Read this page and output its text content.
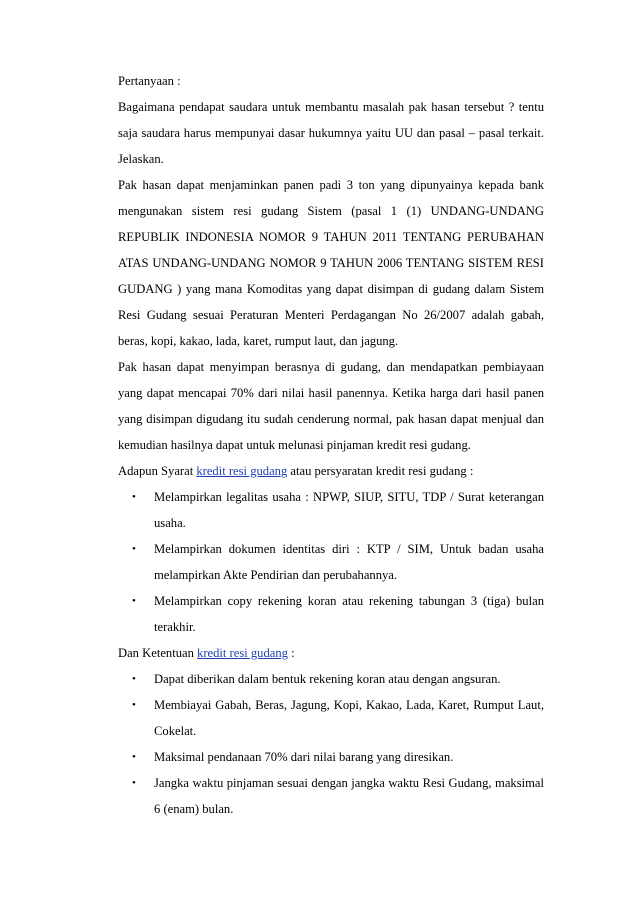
Pertanyaan :

Bagaimana pendapat saudara untuk membantu masalah pak hasan tersebut ? tentu saja saudara harus mempunyai dasar hukumnya yaitu UU dan pasal – pasal terkait. Jelaskan.

Pak hasan dapat menjaminkan panen padi 3 ton yang dipunyainya kepada bank mengunakan sistem resi gudang Sistem (pasal 1 (1) UNDANG-UNDANG REPUBLIK INDONESIA NOMOR 9 TAHUN 2011 TENTANG PERUBAHAN ATAS UNDANG-UNDANG NOMOR 9 TAHUN 2006 TENTANG SISTEM RESI GUDANG ) yang mana Komoditas yang dapat disimpan di gudang dalam Sistem Resi Gudang sesuai Peraturan Menteri Perdagangan No 26/2007 adalah gabah, beras, kopi, kakao, lada, karet, rumput laut, dan jagung.

Pak hasan dapat menyimpan berasnya di gudang, dan mendapatkan pembiayaan yang dapat mencapai 70% dari nilai hasil panennya. Ketika harga dari hasil panen yang disimpan digudang itu sudah cenderung normal, pak hasan dapat menjual dan kemudian hasilnya dapat untuk melunasi pinjaman kredit resi gudang.

Adapun Syarat kredit resi gudang atau persyaratan kredit resi gudang :

• Melampirkan legalitas usaha : NPWP, SIUP, SITU, TDP / Surat keterangan usaha.
• Melampirkan dokumen identitas diri : KTP / SIM, Untuk badan usaha melampirkan Akte Pendirian dan perubahannya.
• Melampirkan copy rekening koran atau rekening tabungan 3 (tiga) bulan terakhir.

Dan Ketentuan kredit resi gudang :

• Dapat diberikan dalam bentuk rekening koran atau dengan angsuran.
• Membiayai Gabah, Beras, Jagung, Kopi, Kakao, Lada, Karet, Rumput Laut, Cokelat.
• Maksimal pendanaan 70% dari nilai barang yang diresikan.
• Jangka waktu pinjaman sesuai dengan jangka waktu Resi Gudang, maksimal 6 (enam) bulan.
